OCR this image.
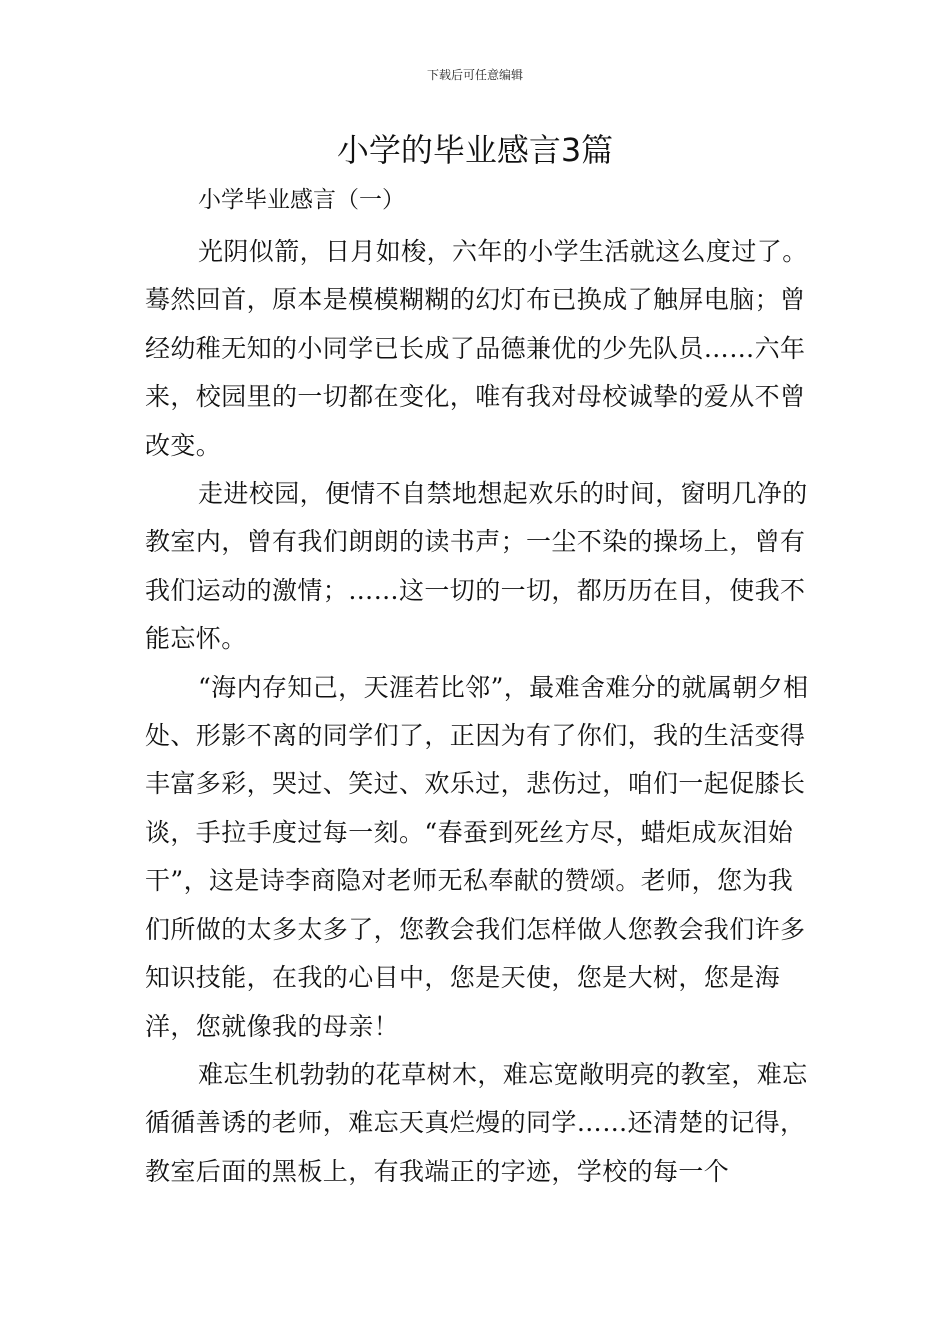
下载后可任意编辑
小学的毕业感言3篇
小学毕业感言（一）

光阴似箭，日月如梭，六年的小学生活就这么度过了。蓦然回首，原本是模模糊糊的幻灯布已换成了触屏电脑；曾经幼稚无知的小同学已长成了品德兼优的少先队员……六年来，校园里的一切都在变化，唯有我对母校诚挚的爱从不曾改变。

走进校园，便情不自禁地想起欢乐的时间，窗明几净的教室内，曾有我们朗朗的读书声；一尘不染的操场上，曾有我们运动的激情；……这一切的一切，都历历在目，使我不能忘怀。

“海内存知己，天涯若比邻”，最难舍难分的就属朝夕相处、形影不离的同学们了，正因为有了你们，我的生活变得丰富多彩，哭过、笑过、欢乐过，悲伤过，咱们一起促膝长谈，手拉手度过每一刻。“春蚕到死丝方尽，蜡炬成灰泪始干”，这是诗李商隐对老师无私奉献的赞颂。老师，您为我们所做的太多太多了，您教会我们怎样做人您教会我们许多知识技能，在我的心目中，您是天使，您是大树，您是海洋，您就像我的母亲！

难忘生机勃勃的花草树木，难忘宽敞明亮的教室，难忘循循善诱的老师，难忘天真烂熳的同学……还清楚的记得，教室后面的黑板上，有我端正的字迹，学校的每一个
